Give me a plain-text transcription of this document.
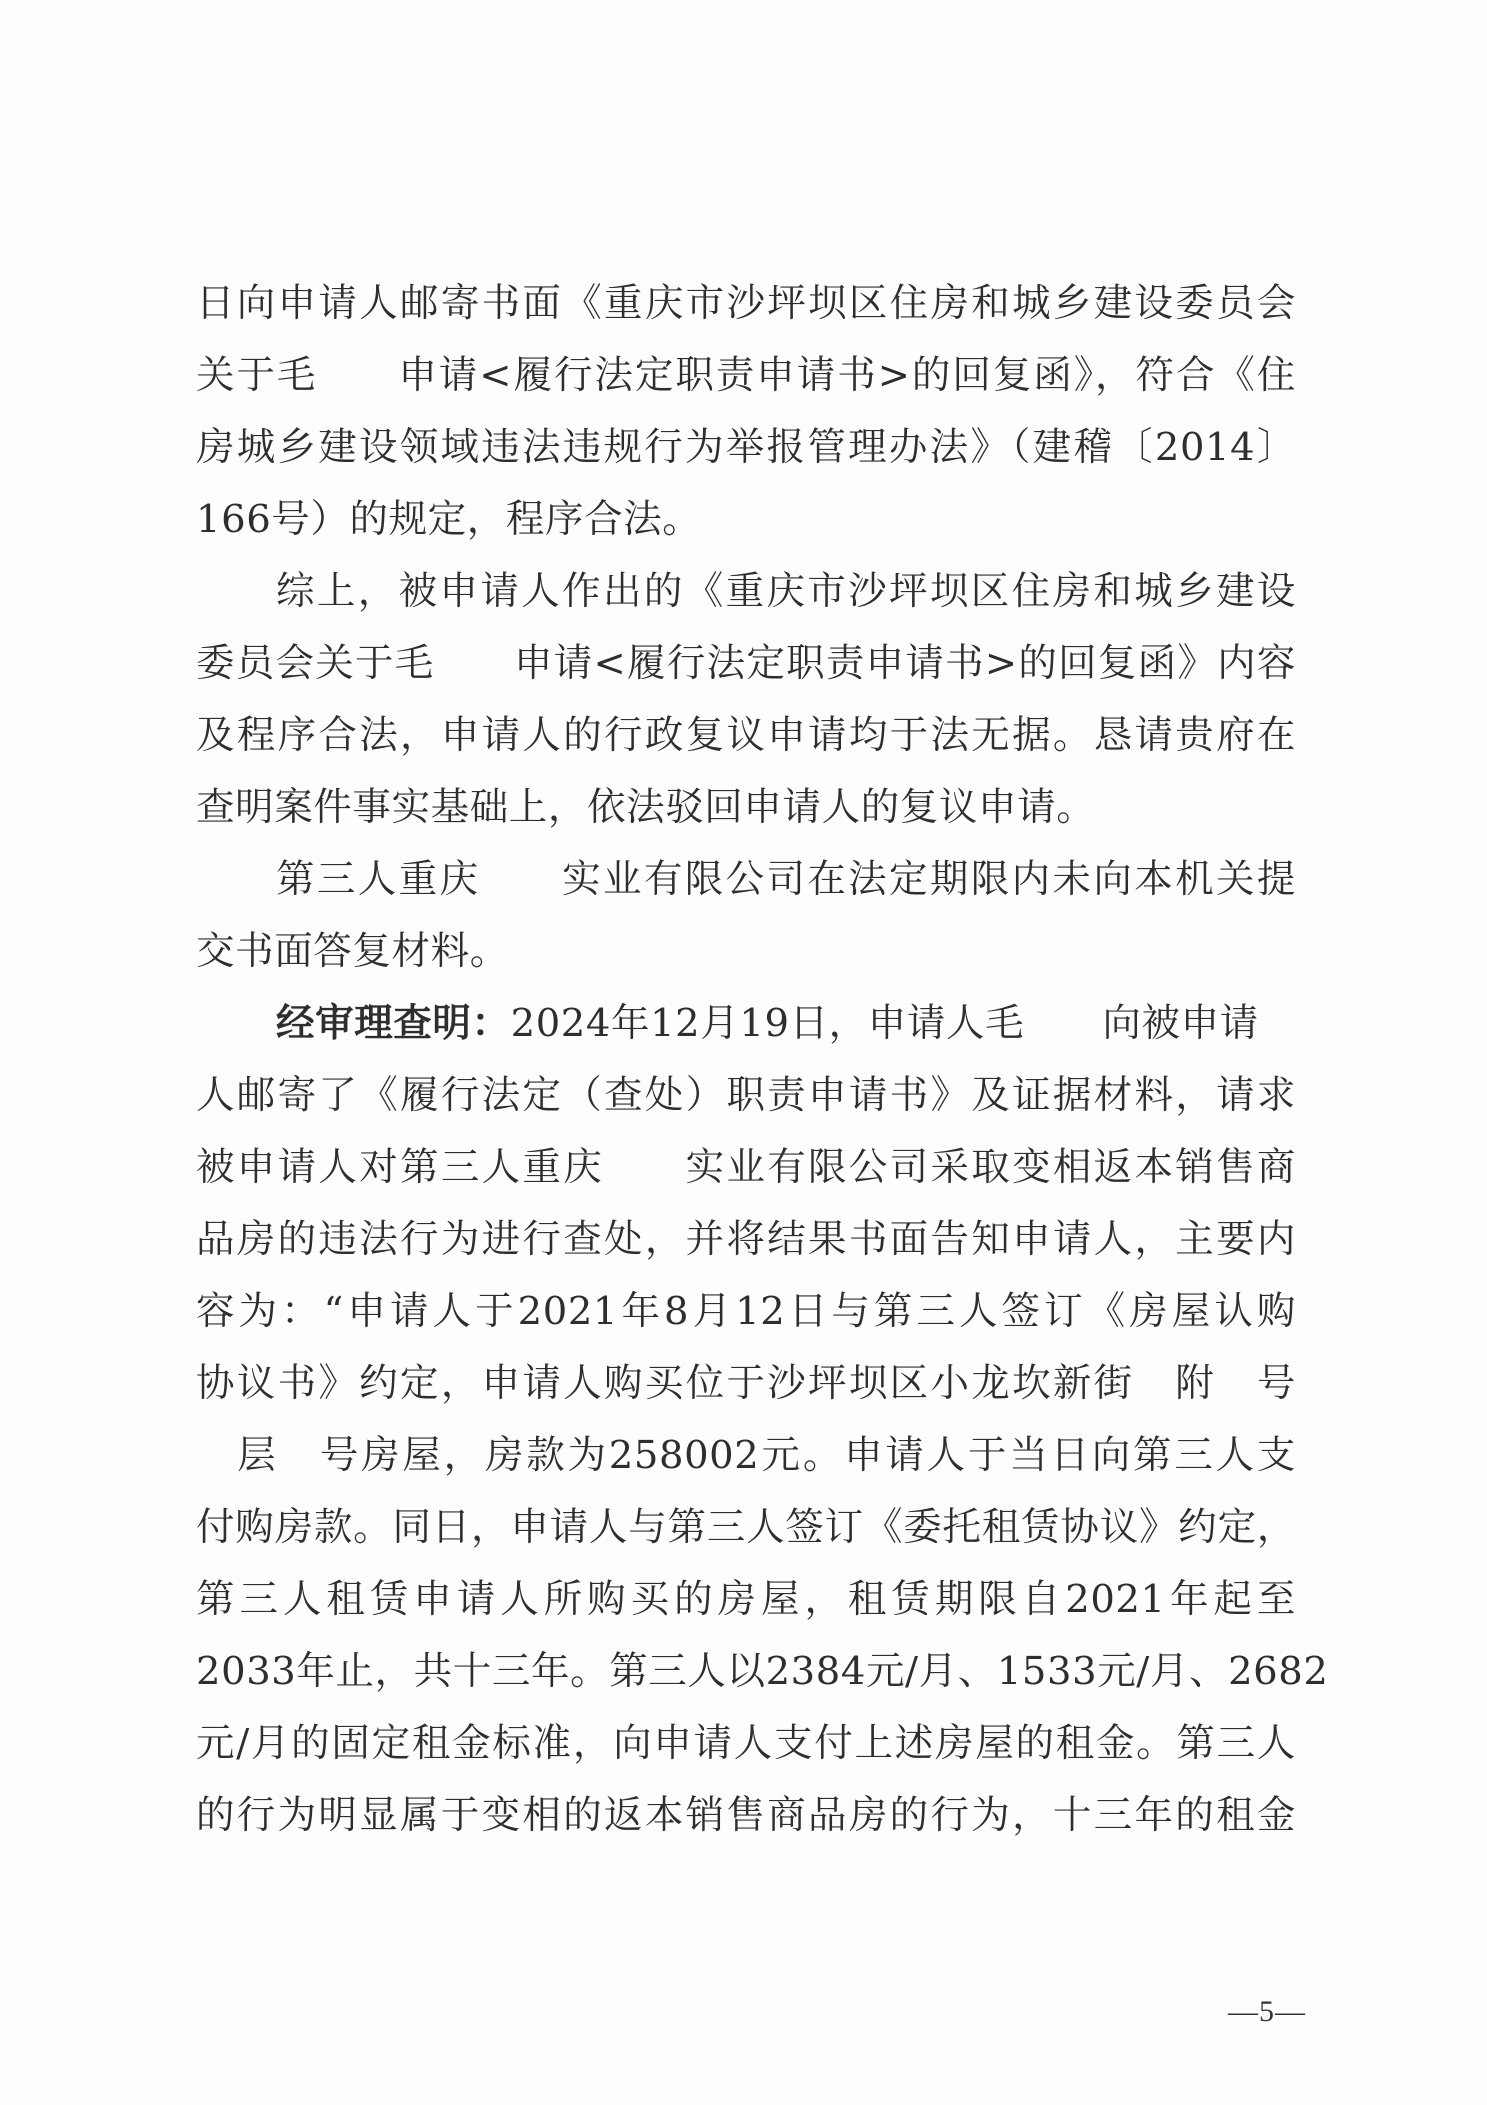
日向申请人邮寄书面《重庆市沙坪坝区住房和城乡建设委员会
关于毛　　申请<履行法定职责申请书>的回复函》，符合《住
房城乡建设领域违法违规行为举报管理办法》（建稽〔2014〕
166号）的规定，程序合法。
综上，被申请人作出的《重庆市沙坪坝区住房和城乡建设
委员会关于毛　　申请<履行法定职责申请书>的回复函》内容
及程序合法，申请人的行政复议申请均于法无据。恳请贵府在
查明案件事实基础上，依法驳回申请人的复议申请。
第三人重庆　　实业有限公司在法定期限内未向本机关提
交书面答复材料。
经审理查明：2024年12月19日，申请人毛　　向被申请
人邮寄了《履行法定（查处）职责申请书》及证据材料，请求
被申请人对第三人重庆　　实业有限公司采取变相返本销售商
品房的违法行为进行查处，并将结果书面告知申请人，主要内
容为：“申请人于2021年8月12日与第三人签订《房屋认购
协议书》约定，申请人购买位于沙坪坝区小龙坎新街　附　号
　层　号房屋，房款为258002元。申请人于当日向第三人支
付购房款。同日，申请人与第三人签订《委托租赁协议》约定，
第三人租赁申请人所购买的房屋，租赁期限自2021年起至
2033年止，共十三年。第三人以2384元/月、1533元/月、2682
元/月的固定租金标准，向申请人支付上述房屋的租金。第三人
的行为明显属于变相的返本销售商品房的行为，十三年的租金
—5—
